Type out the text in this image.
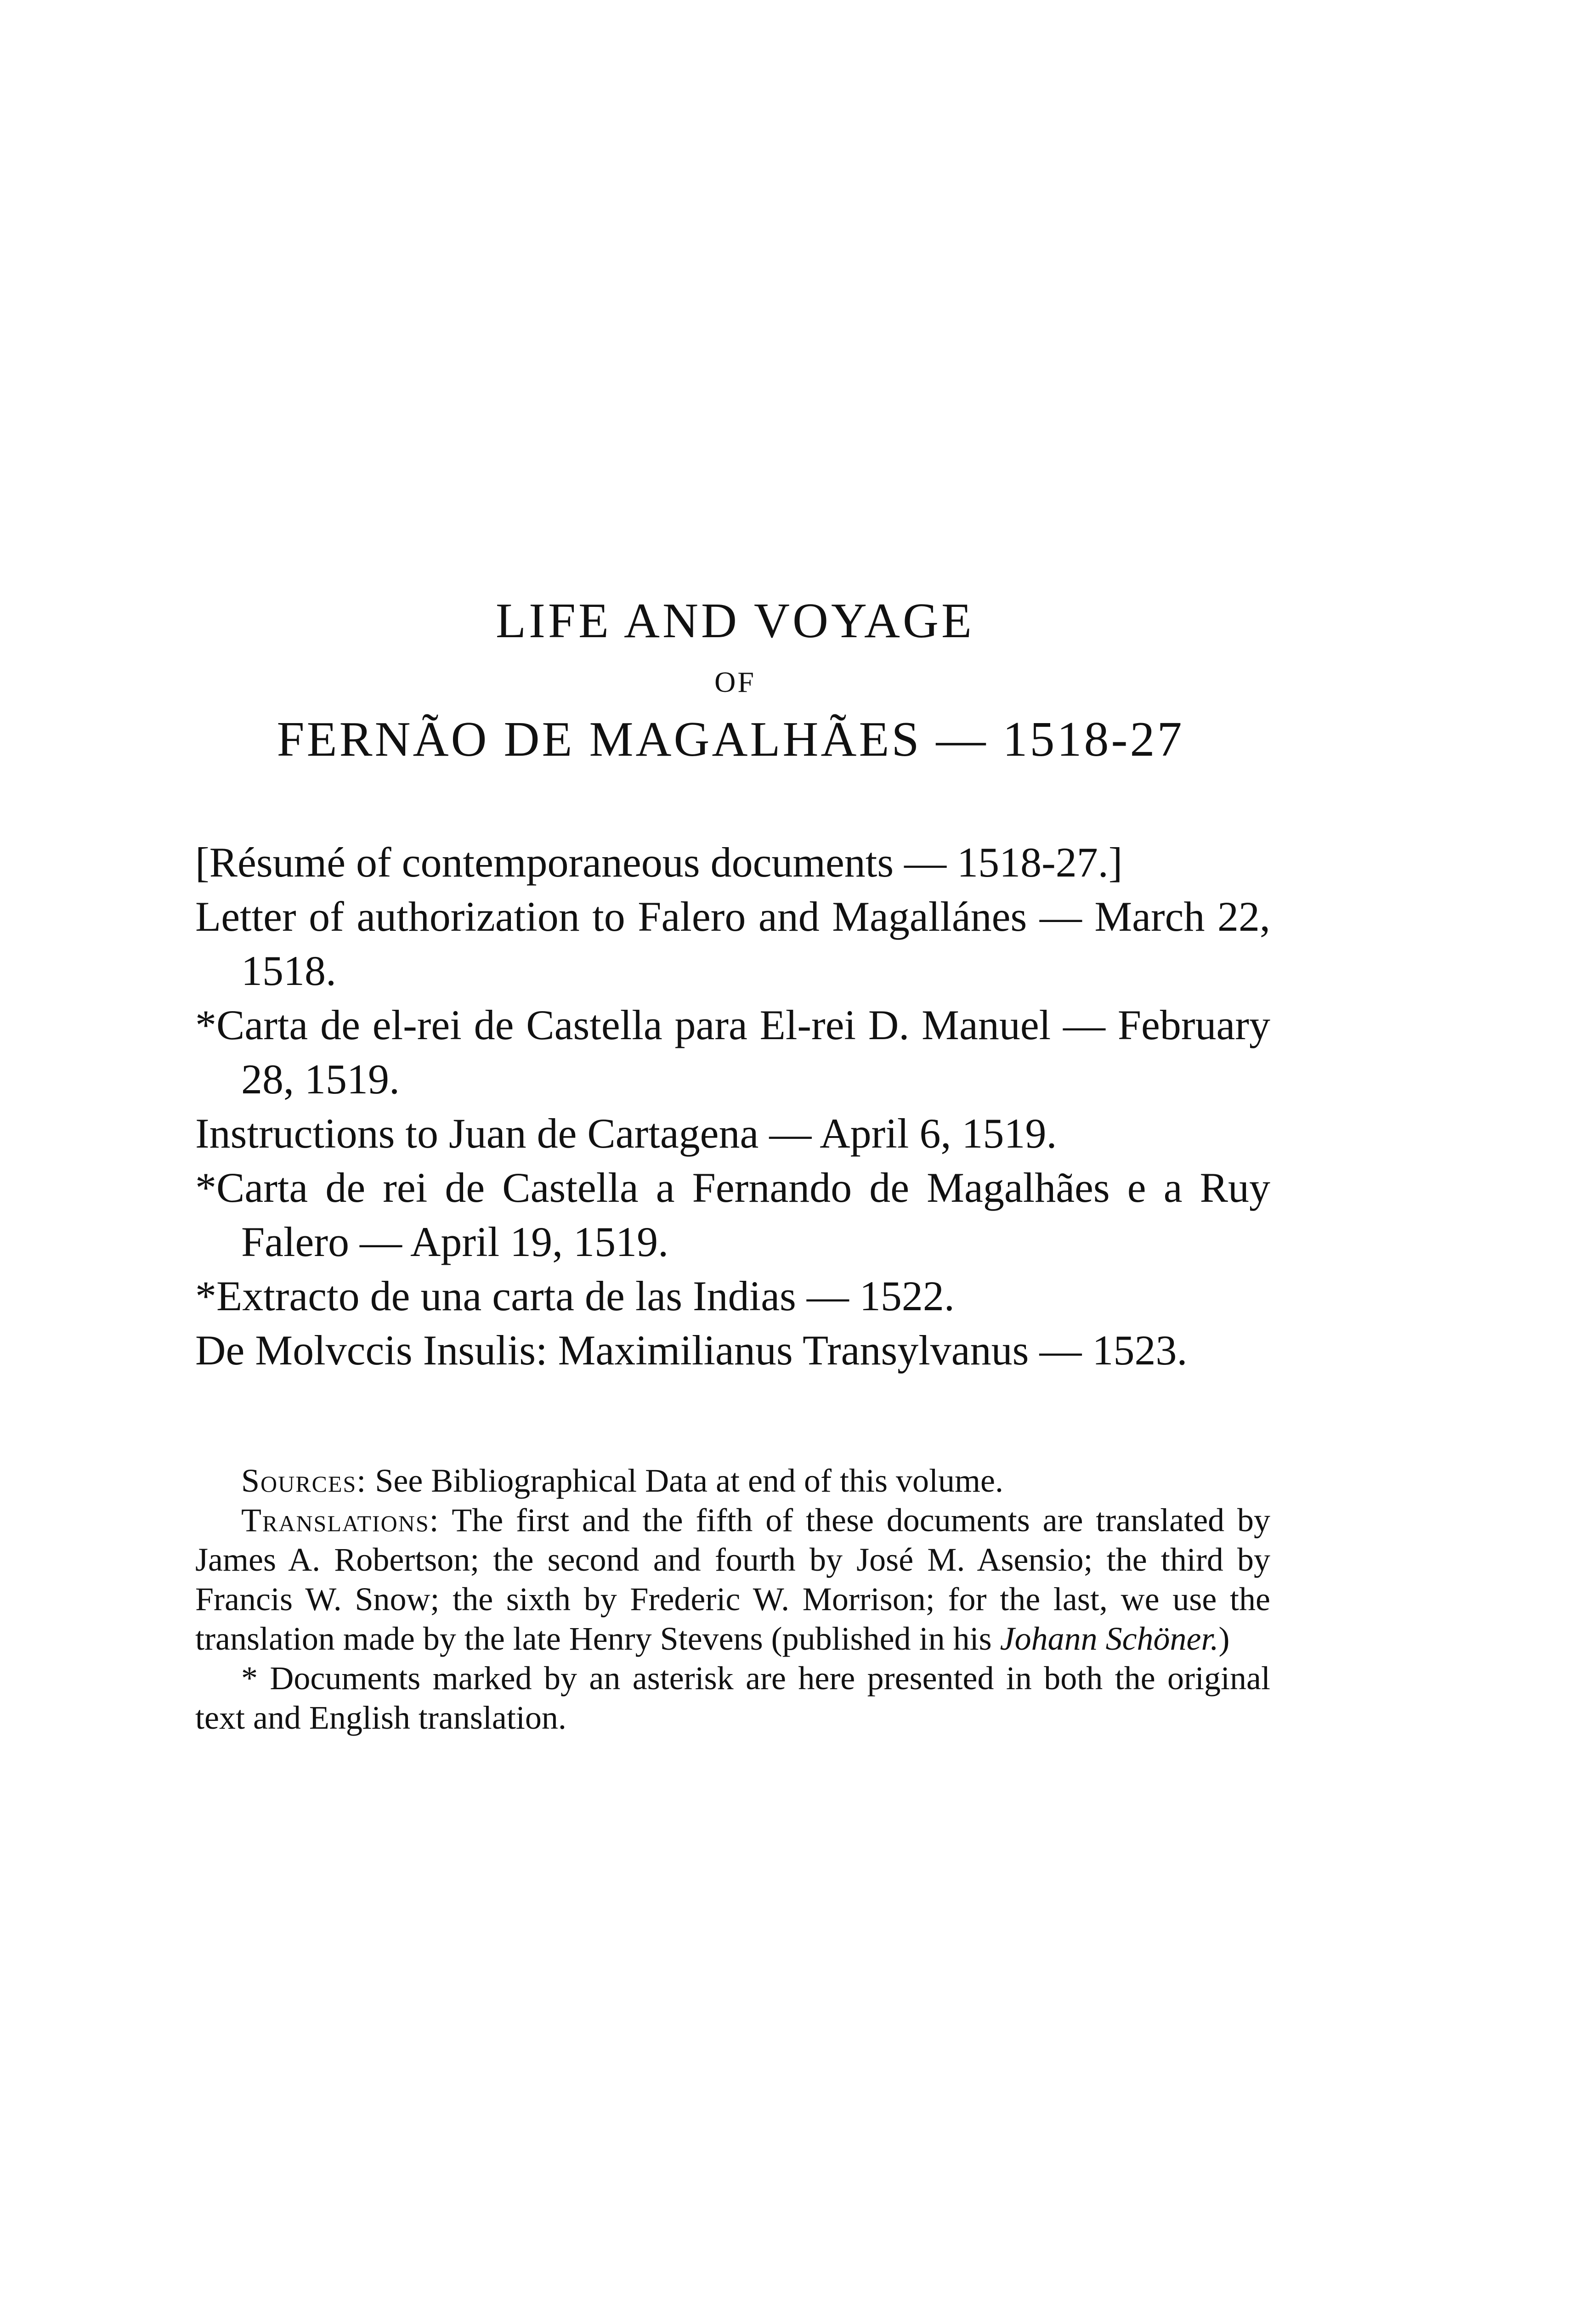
LIFE AND VOYAGE
OF
FERNÃO DE MAGALHÃES — 1518-27
[Résumé of contemporaneous documents — 1518-27.]
Letter of authorization to Falero and Magallánes — March 22, 1518.
*Carta de el-rei de Castella para El-rei D. Manuel — February 28, 1519.
Instructions to Juan de Cartagena — April 6, 1519.
*Carta de rei de Castella a Fernando de Magalhães e a Ruy Falero — April 19, 1519.
*Extracto de una carta de las Indias — 1522.
De Molvccis Insulis: Maximilianus Transylvanus — 1523.

Sources: See Bibliographical Data at end of this volume.

Translations: The first and the fifth of these documents are translated by James A. Robertson; the second and fourth by José M. Asensio; the third by Francis W. Snow; the sixth by Frederic W. Morrison; for the last, we use the translation made by the late Henry Stevens (published in his Johann Schöner.)

* Documents marked by an asterisk are here presented in both the original text and English translation.
